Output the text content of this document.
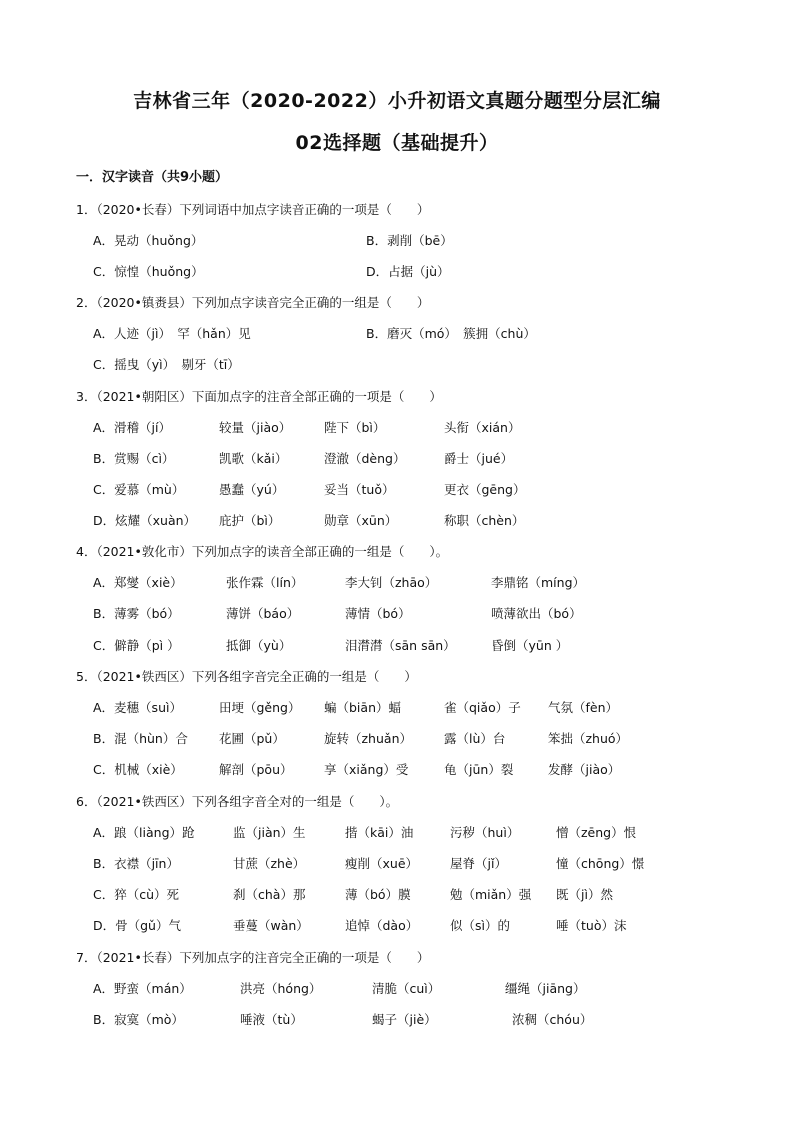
吉林省三年（2020-2022）小升初语文真题分题型分层汇编
02选择题（基础提升）
一．汉字读音（共9小题）
1．（2020•长春）下列词语中加点字读音正确的一项是（　　）
A．晃动（huǒng）	B．剥削（bē）
C．惊惶（huǒng）	D．占据（jù）
2．（2020•镇赉县）下列加点字读音完全正确的一组是（　　）
A．人迹（jì）　罕（hǎn）见	B．磨灭（mó）　簇拥（chù）
C．摇曳（yì）　剔牙（tī）
3．（2021•朝阳区）下面加点字的注音全部正确的一项是（　　）
A．滑稽（jí）	较量（jiào）	陛下（bì）	头衔（xián）
B．赏赐（cì）	凯歌（kǎi）	澄澈（dèng）	爵士（jué）
C．爱慕（mù）	愚蠢（yú）	妥当（tuǒ）	更衣（gēng）
D．炫耀（xuàn） 庇护（bì）	勋章（xūn）	称职（chèn）
4．（2021•敦化市）下列加点字的读音全部正确的一组是（　　）。
A．郑燮（xiè）	张作霖（lín）	李大钊（zhāo）	李鼎铭（míng）
B．薄雾（bó）	薄饼（báo）	薄情（bó）	喷薄欲出（bó）
C．僻静（pì ）	抵御（yù）	泪潸潸（sān sān）	昏倒（yūn ）
5．（2021•铁西区）下列各组字音完全正确的一组是（　　）
A．麦穗（suì）	田埂（gěng） 蝙（biān）蝠	雀（qiǎo）子 气氛（fèn）
B．混（hùn）合 花圃（pǔ）	旋转（zhuǎn）	露（lù）台	笨拙（zhuó）
C．机械（xiè）	解剖（pōu）	享（xiǎng）受	龟（jūn）裂	发酵（jiào）
6．（2021•铁西区）下列各组字音全对的一组是（　　）。
A．踉（liàng）跄	监（jiàn）生	揩（kāi）油	污秽（huì）	憎（zēng）恨
B．衣襟（jīn）	甘蔗（zhè）	瘦削（xuē）	屋脊（jǐ）	憧（chōng）憬
C．猝（cù）死	刹（chà）那	薄（bó）膜	勉（miǎn）强 既（jì）然
D．骨（gǔ）气	垂蔓（wàn）	追悼（dào）	似（sì）的	唾（tuò）沫
7．（2021•长春）下列加点字的注音完全正确的一项是（　　）
A．野蛮（mán）	洪亮（hóng）	清脆（cuì）	缰绳（jiāng）
B．寂寞（mò）	唾液（tù）	蝎子（jiè）	浓稠（chóu）
